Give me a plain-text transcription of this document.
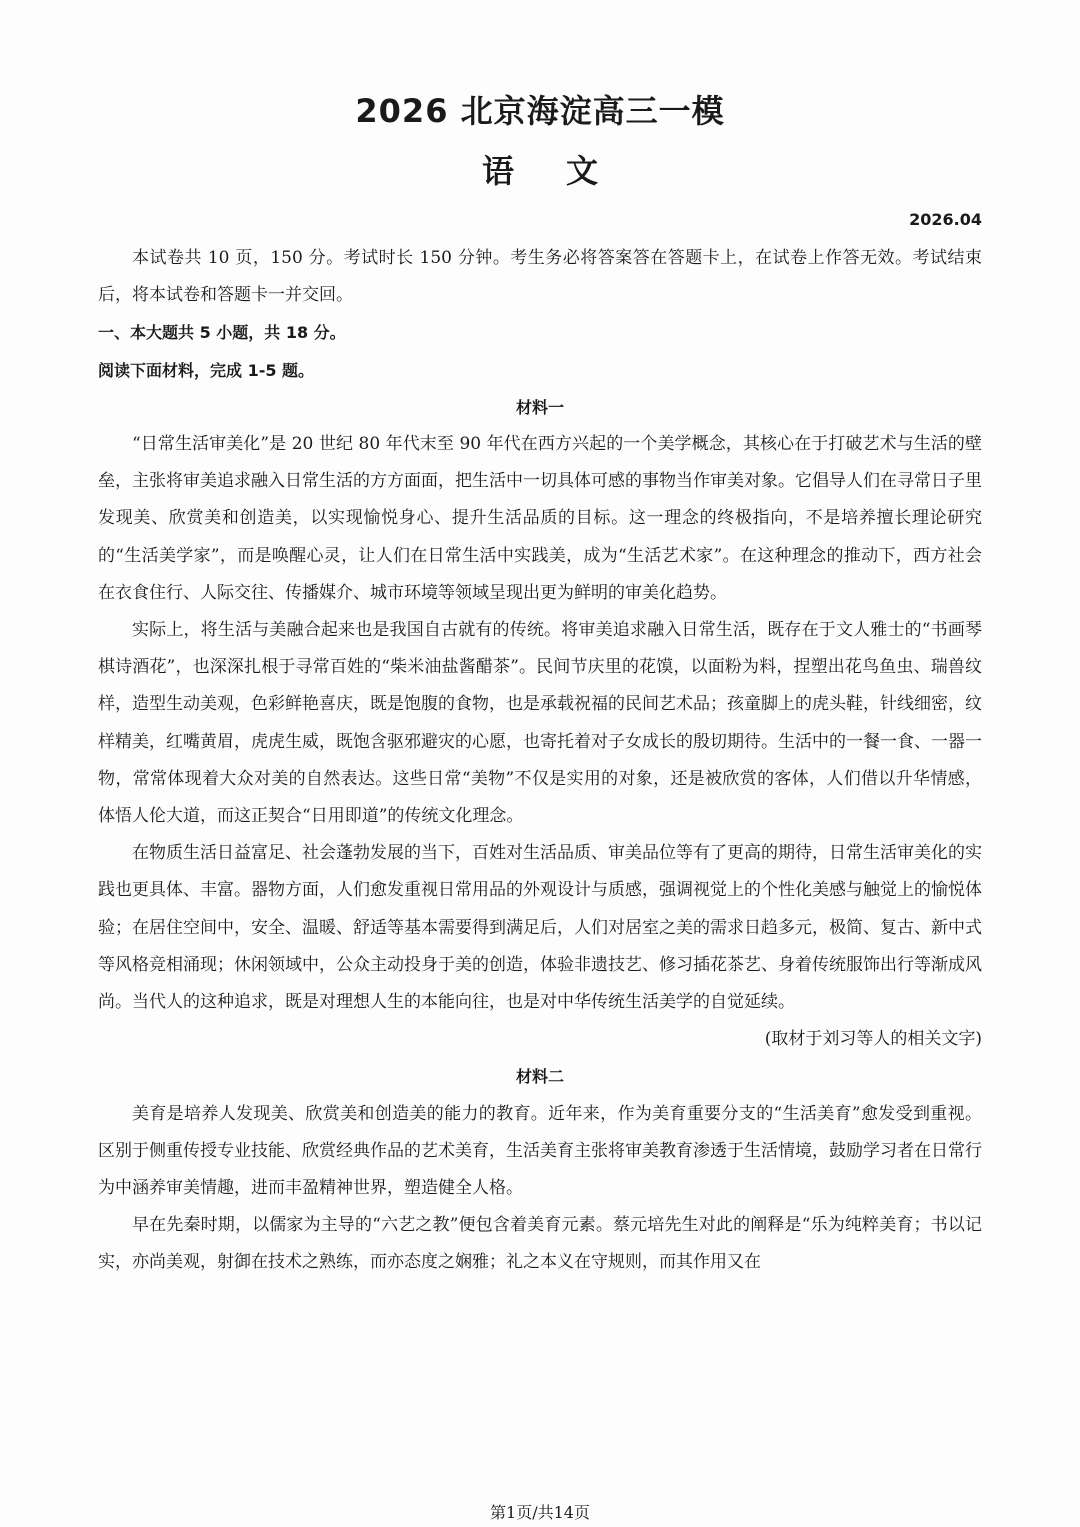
2026 北京海淀高三一模
语文
2026.04

本试卷共 10 页，150 分。考试时长 150 分钟。考生务必将答案答在答题卡上，在试卷上作答无效。考试结束后，将本试卷和答题卡一并交回。

一、本大题共 5 小题，共 18 分。

阅读下面材料，完成 1-5 题。

材料一

“日常生活审美化”是 20 世纪 80 年代末至 90 年代在西方兴起的一个美学概念，其核心在于打破艺术与生活的壁垒，主张将审美追求融入日常生活的方方面面，把生活中一切具体可感的事物当作审美对象。它倡导人们在寻常日子里发现美、欣赏美和创造美，以实现愉悦身心、提升生活品质的目标。这一理念的终极指向，不是培养擅长理论研究的“生活美学家”，而是唤醒心灵，让人们在日常生活中实践美，成为“生活艺术家”。在这种理念的推动下，西方社会在衣食住行、人际交往、传播媒介、城市环境等领域呈现出更为鲜明的审美化趋势。

实际上，将生活与美融合起来也是我国自古就有的传统。将审美追求融入日常生活，既存在于文人雅士的“书画琴棋诗酒花”，也深深扎根于寻常百姓的“柴米油盐酱醋茶”。民间节庆里的花馍，以面粉为料，捏塑出花鸟鱼虫、瑞兽纹样，造型生动美观，色彩鲜艳喜庆，既是饱腹的食物，也是承载祝福的民间艺术品；孩童脚上的虎头鞋，针线细密，纹样精美，红嘴黄眉，虎虎生威，既饱含驱邪避灾的心愿，也寄托着对子女成长的殷切期待。生活中的一餐一食、一器一物，常常体现着大众对美的自然表达。这些日常“美物”不仅是实用的对象，还是被欣赏的客体，人们借以升华情感，体悟人伦大道，而这正契合“日用即道”的传统文化理念。

在物质生活日益富足、社会蓬勃发展的当下，百姓对生活品质、审美品位等有了更高的期待，日常生活审美化的实践也更具体、丰富。器物方面，人们愈发重视日常用品的外观设计与质感，强调视觉上的个性化美感与触觉上的愉悦体验；在居住空间中，安全、温暖、舒适等基本需要得到满足后，人们对居室之美的需求日趋多元，极简、复古、新中式等风格竞相涌现；休闲领域中，公众主动投身于美的创造，体验非遗技艺、修习插花茶艺、身着传统服饰出行等渐成风尚。当代人的这种追求，既是对理想人生的本能向往，也是对中华传统生活美学的自觉延续。

(取材于刘习等人的相关文字)

材料二

美育是培养人发现美、欣赏美和创造美的能力的教育。近年来，作为美育重要分支的“生活美育”愈发受到重视。区别于侧重传授专业技能、欣赏经典作品的艺术美育，生活美育主张将审美教育渗透于生活情境，鼓励学习者在日常行为中涵养审美情趣，进而丰盈精神世界，塑造健全人格。

早在先秦时期，以儒家为主导的“六艺之教”便包含着美育元素。蔡元培先生对此的阐释是“乐为纯粹美育；书以记实，亦尚美观，射御在技术之熟练，而亦态度之娴雅；礼之本义在守规则，而其作用又在

第1页/共14页
